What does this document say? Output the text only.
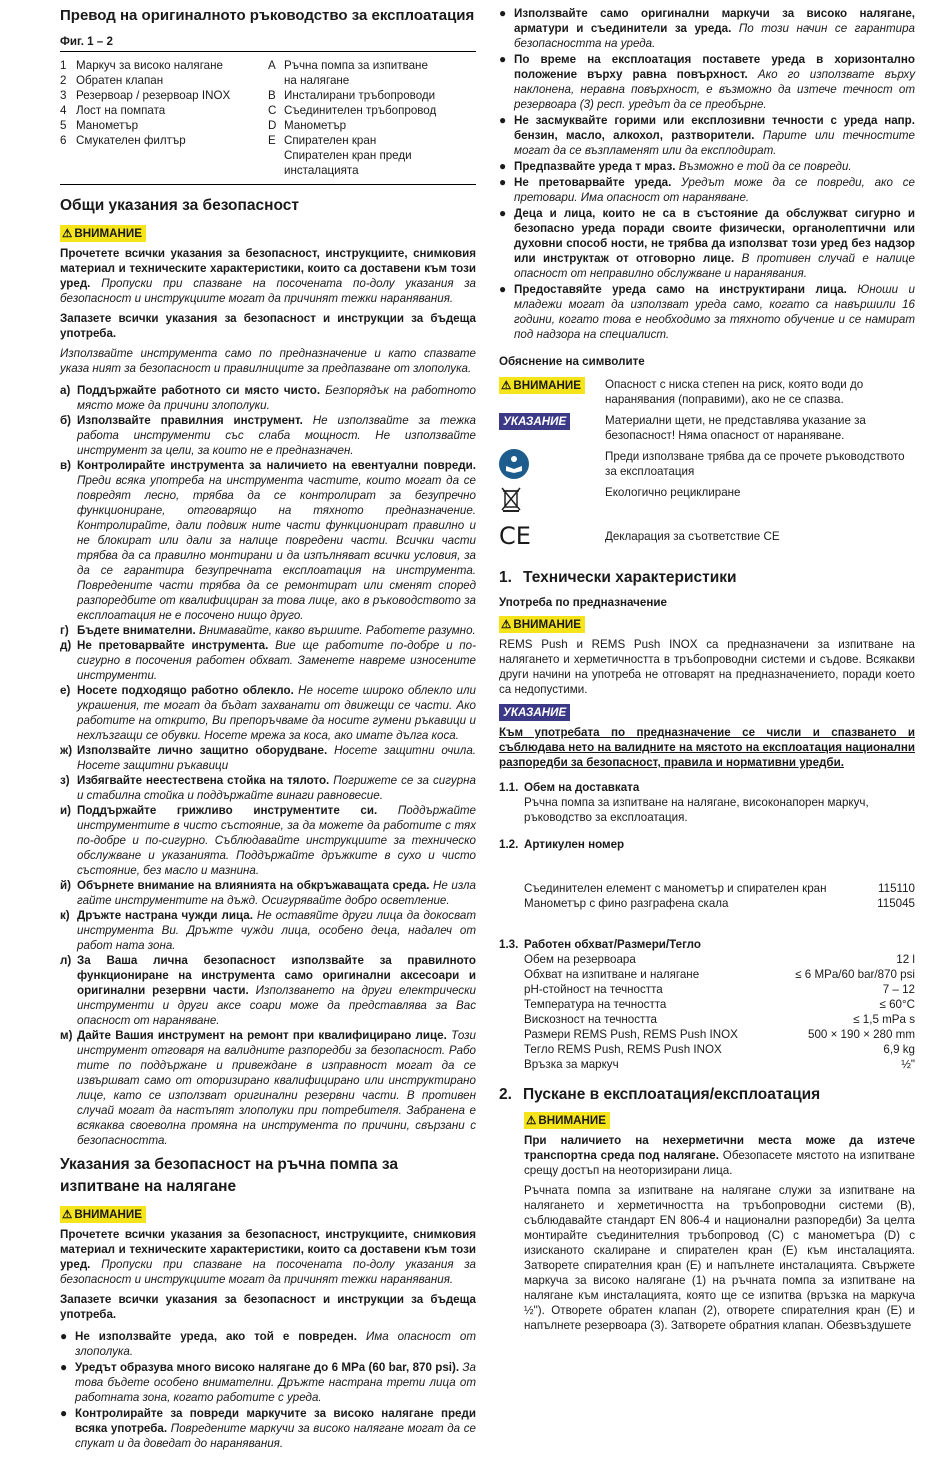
Превод на оригиналното ръководство за експлоатация
Фиг. 1 – 2
1 Маркуч за високо налягане
2 Обратен клапан
3 Резервоар / резервоар INOX
4 Лост на помпата
5 Манометър
6 Смукателен филтър
A Ръчна помпа за изпитване
на налягане
B Инсталирани тръбопроводи
C Съединителен тръбопровод
D Манометър
E Спирателен кран
Спирателен кран преди инсталацията
Общи указания за безопасност
⚠ ВНИМАНИЕ

Прочетете всички указания за безопасност, инструкциите, снимковия материал и техническите характеристики, които са доставени към този уред. Пропуски при спазване на посочената по-долу указания за безопасност и инструкциите могат да причинят тежки наранявания.

Запазете всички указания за безопасност и инструкции за бъдеща употреба.

Използвайте инструмента само по предназначение и като спазвате указа ният за безопасност и правилниците за предпазване от злополука.

а) Поддържайте работното си място чисто. Безпорядък на работното място може да причини злополуки.
б) Използвайте правилния инструмент. Не използвайте за тежка работа инструменти със слаба мощност. Не използвайте инструмент за цели, за които не е предназначен.
в) Контролирайте инструмента за наличието на евентуални повреди. Преди всяка употреба на инструмента частите, които могат да се повредят лесно, трябва да се контролират за безупречно функциониране, отговарящо на тяхното предназначение. Контролирайте, дали подвиж ните части функционират правилно и не блокират или дали за налице повредени части. Всички части трябва да са правилно монтирани и да изпълняват всички условия, за да се гарантира безупречната експлоатация на инструмента. Повредените части трябва да се ремонтират или сменят според разпоредбите от квалифициран за това лице, ако в ръководството за експлоатация не е посочено нищо друго.
г) Бъдете внимателни. Внимавайте, какво вършите. Работете разумно.
д) Не претоварвайте инструмента. Вие ще работите по-добре и по-сигурно в посочения работен обхват. Заменете навреме износените инструменти.
е) Носете подходящо работно облекло. Не носете широко облекло или украшения, те могат да бъдат захванати от движещи се части. Ако работите на открито, Ви препоръчваме да носите гумени ръкавици и нехлъзгащи се обувки. Носете мрежа за коса, ако имате дълга коса.
ж) Използвайте лично защитно оборудване. Носете защитни очила. Носете защитни ръкавици
з) Избягвайте неестествена стойка на тялото. Погрижете се за сигурна и стабилна стойка и поддържайте винаги равновесие.
и) Поддържайте грижливо инструментите си. Поддържайте инструментите в чисто състояние, за да можете да работите с тях по-добре и по-сигурно. Съблюдавайте инструкциите за техническо обслужване и указанията. Поддържайте дръжките в сухо и чисто състояние, без масло и мазнина.
й) Обърнете внимание на влиянията на обкръжаващата среда. Не изла гайте инструментите на дъжд. Осигурявайте добро осветление.
к) Дръжте настрана чужди лица. Не оставяйте други лица да докосват инструмента Ви. Дръжте чужди лица, особено деца, надалеч от работ ната зона.
л) За Ваша лична безопасност използвайте за правилното функциониране на инструмента само оригинални аксесоари и оригинални резервни части. Използването на други електрически инструменти и други аксе соари може да представлява за Вас опасност от нараняване.
м) Дайте Вашия инструмент на ремонт при квалифицирано лице. Този инструмент отговаря на валидните разпоредби за безопасност. Рабо тите по поддържане и привеждане в изправност могат да се извършват само от оторизирано квалифицирано или инструктирано лице, като се използват оригинални резервни части. В противен случай могат да настъпят злополуки при потребителя. Забранена е всякаква своеволна промяна на инструмента по причини, свързани с безопасността.
Указания за безопасност на ръчна помпа за изпитване на налягане
⚠ ВНИМАНИЕ

Прочетете всички указания за безопасност, инструкциите, снимковия материал и техническите характеристики, които са доставени към този уред. Пропуски при спазване на посочената по-долу указания за безопасност и инструкциите могат да причинят тежки наранявания.

Запазете всички указания за безопасност и инструкции за бъдеща употреба.

● Не използвайте уреда, ако той е повреден. Има опасност от злополука.
● Уредът образува много високо налягане до 6 MPa (60 bar, 870 psi). За това бъдете особено внимателни. Дръжте настрана трети лица от работната зона, когато работите с уреда.
● Контролирайте за повреди маркучите за високо налягане преди всяка употреба. Повредените маркучи за високо налягане могат да се спукат и да доведат до наранявания.
● Използвайте само оригинални маркучи за високо налягане, арматури и съединители за уреда. По този начин се гарантира безопасността на уреда.
● По време на експлоатация поставете уреда в хоризонтално положение върху равна повърхност. Ако го използвате върху наклонена, неравна повърхност, е възможно да изтече течност от резервоара (3) респ. уредът да се преобърне.
● Не засмуквайте горими или експлозивни течности с уреда напр. бензин, масло, алкохол, разтворители. Парите или течностите могат да се възпламенят или да експлодират.
● Предпазвайте уреда т мраз. Възможно е той да се повреди.
● Не претоварвайте уреда. Уредът може да се повреди, ако се претовари. Има опасност от нараняване.
● Деца и лица, които не са в състояние да обслужват сигурно и безопасно уреда поради своите физически, органолептични или духовни способ ности, не трябва да използват този уред без надзор или инструктаж от отговорно лице. В противен случай е налице опасност от неправилно обслужване и наранявания.
● Предоставяйте уреда само на инструктирани лица. Юноши и младежи могат да използват уреда само, когато са навършили 16 години, когато това е необходимо за тяхното обучение и се намират под надзора на специалист.
Обяснение на символите
⚠ ВНИМАНИЕ	Опасност с ниска степен на риск, която води до наранявания (поправими), ако не се спазва.
УКАЗАНИЕ	Материални щети, не представлява указание за безопасност! Няма опасност от нараняване.
Преди използване трябва да се прочете ръководството за експлоатация
Екологично рециклиране
CE	Декларация за съответствие CE
1. Технически характеристики
Употреба по предназначение
⚠ ВНИМАНИЕ

REMS Push и REMS Push INOX са предназначени за изпитване на налягането и херметичността в тръбопроводни системи и съдове. Всякакви други начини на употреба не отговарят на предназначението, поради което са недопустими.

УКАЗАНИЕ

Към употребата по предназначение се числи и спазването и съблюдава нето на валидните на мястото на експлоатация национални разпоредби за безопасност, правила и нормативни уредби.

1.1. Обем на доставката
Ръчна помпа за изпитване на налягане, високонапорен маркуч, ръководство за експлоатация.
1.2. Артикулен номер
Съединителен елемент с манометър и спирателен кран	115110
Манометър с фино разграфена скала	115045
1.3. Работен обхват/Размери/Тегло
Обем на резервоара	12 l
Обхват на изпитване и налягане	≤ 6 MPa/60 bar/870 psi
pH-стойност на течността	7 – 12
Температура на течността	≤ 60°C
Вискозност на течността	≤ 1,5 mPa s
Размери REMS Push, REMS Push INOX	500 × 190 × 280 mm
Тегло REMS Push, REMS Push INOX	6,9 kg
Връзка за маркуч	½"
2. Пускане в експлоатация/експлоатация
⚠ ВНИМАНИЕ

При наличието на нехерметични места може да изтече транспортна среда под налягане. Обезопасете мястото на изпитване срещу достъп на неоторизирани лица.

Ръчната помпа за изпитване на налягане служи за изпитване на налягането и херметичността на тръбопроводни системи (B), съблюдавайте стандарт EN 806-4 и национални разпоредби) За целта монтирайте съединителния тръбопровод (C) с манометъра (D) с изисканото скалиране и спирателен кран (E) към инсталацията. Затворете спирателния кран (E) и напълнете инсталацията. Свържете маркуча за високо налягане (1) на ръчната помпа за изпитване на налягане към инсталацията, която ще се изпитва (връзка на маркуча ½"). Отворете обратен клапан (2), отворете спирателния кран (E) и напълнете резервоара (3). Затворете обратния клапан. Обезвъздушете
